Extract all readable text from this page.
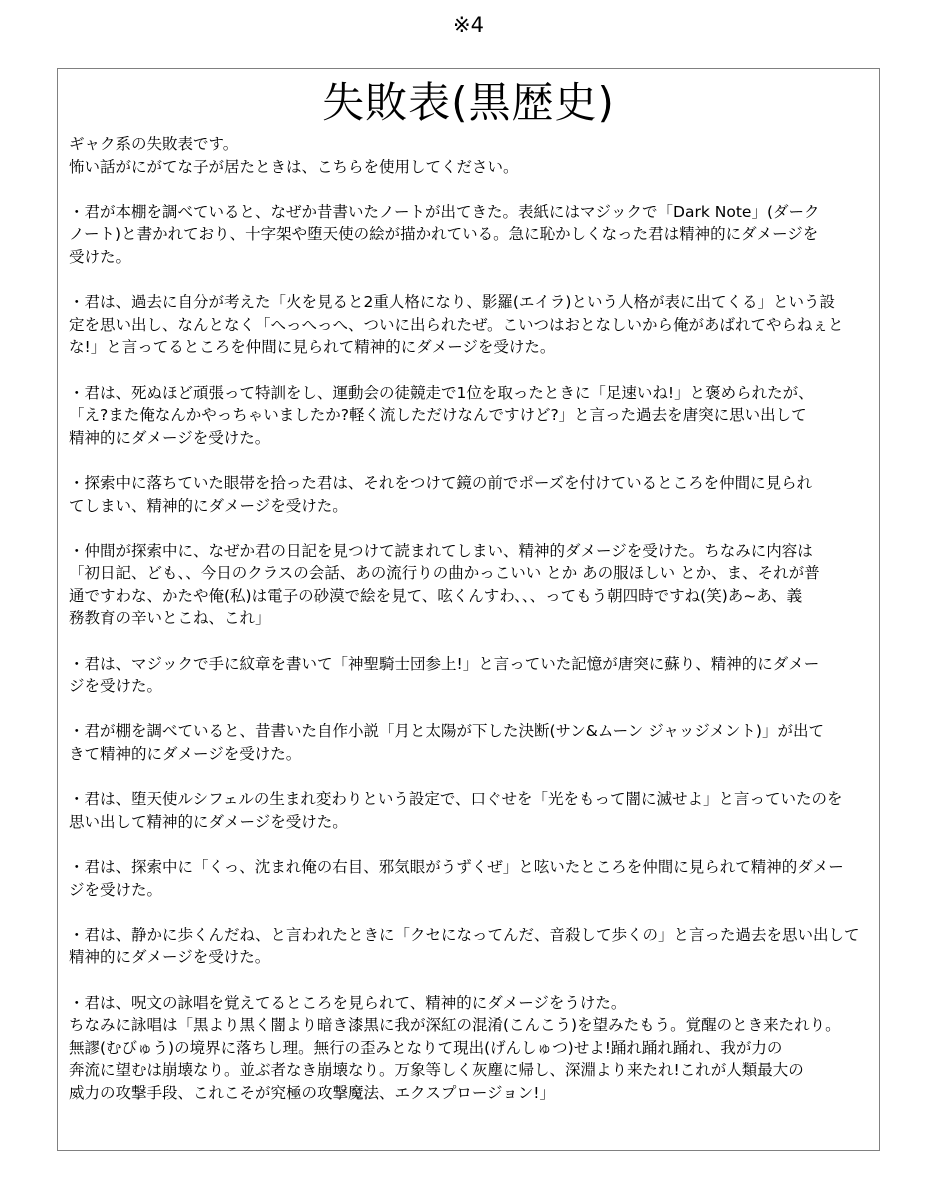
※4
失敗表(黒歴史)
ギャク系の失敗表です。
怖い話がにがてな子が居たときは、こちらを使用してください。
・君が本棚を調べていると、なぜか昔書いたノートが出てきた。表紙にはマジックで「Dark Note」(ダーク
ノート)と書かれており、十字架や堕天使の絵が描かれている。急に恥かしくなった君は精神的にダメージを
受けた。
・君は、過去に自分が考えた「火を見ると2重人格になり、影羅(エイラ)という人格が表に出てくる」という設
定を思い出し、なんとなく「へっへっへ、ついに出られたぜ。こいつはおとなしいから俺があばれてやらねぇと
な!」と言ってるところを仲間に見られて精神的にダメージを受けた。
・君は、死ぬほど頑張って特訓をし、運動会の徒競走で1位を取ったときに「足速いね!」と褒められたが、
「え?また俺なんかやっちゃいましたか?軽く流しただけなんですけど?」と言った過去を唐突に思い出して
精神的にダメージを受けた。
・探索中に落ちていた眼帯を拾った君は、それをつけて鏡の前でポーズを付けているところを仲間に見られ
てしまい、精神的にダメージを受けた。
・仲間が探索中に、なぜか君の日記を見つけて読まれてしまい、精神的ダメージを受けた。ちなみに内容は
「初日記、ども、、今日のクラスの会話、あの流行りの曲かっこいい とか あの服ほしい とか、ま、それが普
通ですわな、かたや俺(私)は電子の砂漠で絵を見て、呟くんすわ、、、ってもう朝四時ですね(笑)あ~あ、義
務教育の辛いとこね、これ」
・君は、マジックで手に紋章を書いて「神聖騎士団参上!」と言っていた記憶が唐突に蘇り、精神的にダメー
ジを受けた。
・君が棚を調べていると、昔書いた自作小説「月と太陽が下した決断(サン&ムーン ジャッジメント)」が出て
きて精神的にダメージを受けた。
・君は、堕天使ルシフェルの生まれ変わりという設定で、口ぐせを「光をもって闇に滅せよ」と言っていたのを
思い出して精神的にダメージを受けた。
・君は、探索中に「くっ、沈まれ俺の右目、邪気眼がうずくぜ」と呟いたところを仲間に見られて精神的ダメー
ジを受けた。
・君は、静かに歩くんだね、と言われたときに「クセになってんだ、音殺して歩くの」と言った過去を思い出して
精神的にダメージを受けた。
・君は、呪文の詠唱を覚えてるところを見られて、精神的にダメージをうけた。
ちなみに詠唱は「黒より黒く闇より暗き漆黒に我が深紅の混淆(こんこう)を望みたもう。覚醒のとき来たれり。
無謬(むびゅう)の境界に落ちし理。無行の歪みとなりて現出(げんしゅつ)せよ!踊れ踊れ踊れ、我が力の
奔流に望むは崩壊なり。並ぶ者なき崩壊なり。万象等しく灰塵に帰し、深淵より来たれ!これが人類最大の
威力の攻撃手段、これこそが究極の攻撃魔法、エクスプロージョン!」
